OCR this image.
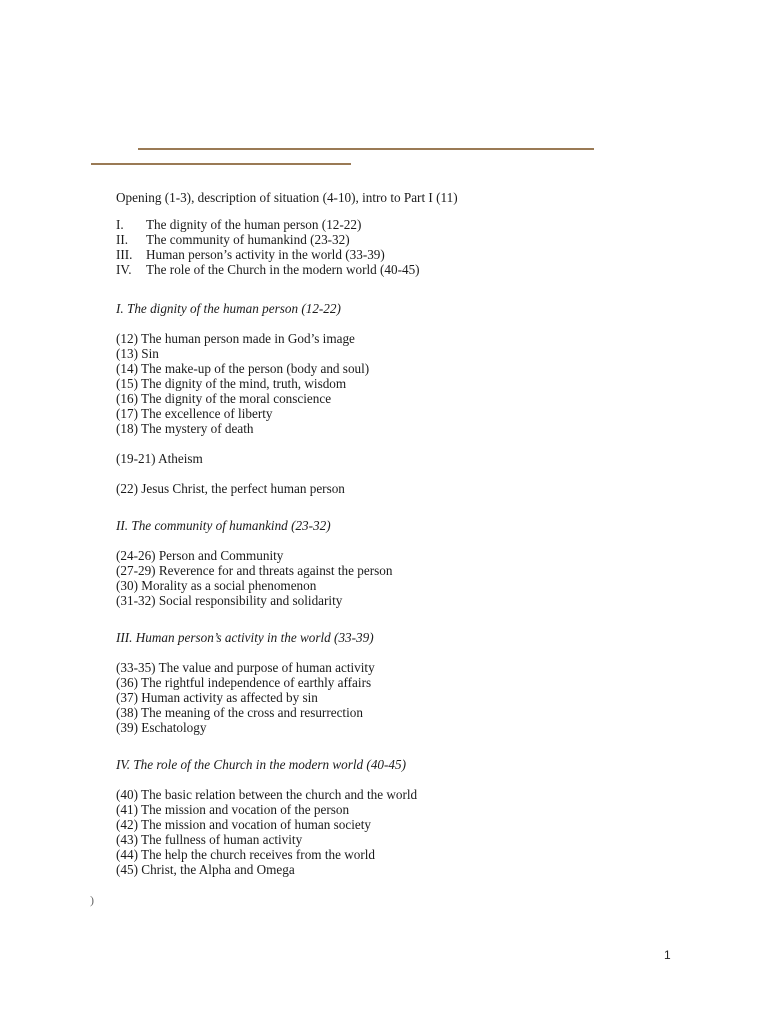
Opening (1-3), description of situation (4-10), intro to Part I (11)
I.	The dignity of the human person (12-22)
II.	The community of humankind (23-32)
III.	Human person’s activity in the world (33-39)
IV.	The role of the Church in the modern world (40-45)
I. The dignity of the human person (12-22)
(12) The human person made in God’s image
(13) Sin
(14) The make-up of the person (body and soul)
(15) The dignity of the mind, truth, wisdom
(16) The dignity of the moral conscience
(17) The excellence of liberty
(18) The mystery of death
(19-21) Atheism
(22) Jesus Christ, the perfect human person
II. The community of humankind (23-32)
(24-26) Person and Community
(27-29) Reverence for and threats against the person
(30) Morality as a social phenomenon
(31-32) Social responsibility and solidarity
III. Human person’s activity in the world (33-39)
(33-35) The value and purpose of human activity
(36) The rightful independence of earthly affairs
(37) Human activity as affected by sin
(38) The meaning of the cross and resurrection
(39) Eschatology
IV. The role of the Church in the modern world (40-45)
(40) The basic relation between the church and the world
(41) The mission and vocation of the person
(42) The mission and vocation of human society
(43) The fullness of human activity
(44) The help the church receives from the world
(45) Christ, the Alpha and Omega
)
1
